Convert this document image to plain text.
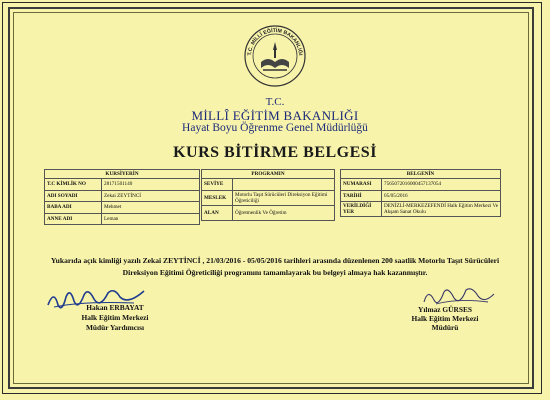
T.C. MİLLÎ EĞİTİM BAKANLIĞI
T.C.
MİLLÎ EĞİTİM BAKANLIĞI
Hayat Boyu Öğrenme Genel Müdürlüğü
KURS BİTİRME BELGESİ
KURSİYERİN	
T.C KİMLİK NO	28171501140
ADI SOYADI	Zekai ZEYTİNCİ
BABA ADI	Mehmet
ANNE ADI	Leman
PROGRAMIN	
SEVİYE	
MESLEK	Motorlu Taşıt Sürücüleri Direksiyon Eğitimi Öğreticiliği
ALAN	Öğretmenlik Ve Öğretim
BELGENİN	
NUMARASI	7565072016000457137054
TARİHİ	05/05/2016
VERİLDİĞİ YER	DENİZLİ-MERKEZEFENDİ Halk Eğitim Merkezi Ve Akşam Sanat Okulu
Yukarıda açık kimliği yazılı Zekai ZEYTİNCİ , 21/03/2016 - 05/05/2016 tarihleri arasında düzenlenen 200 saatlik Motorlu Taşıt Sürücüleri Direksiyon Eğitimi Öğreticiliği programını tamamlayarak bu belgeyi almaya hak kazanmıştır.
Hakan ERBAYAT
Halk Eğitim Merkezi
Müdür Yardımcısı
Yılmaz GÜRSES
Halk Eğitim Merkezi
Müdürü
